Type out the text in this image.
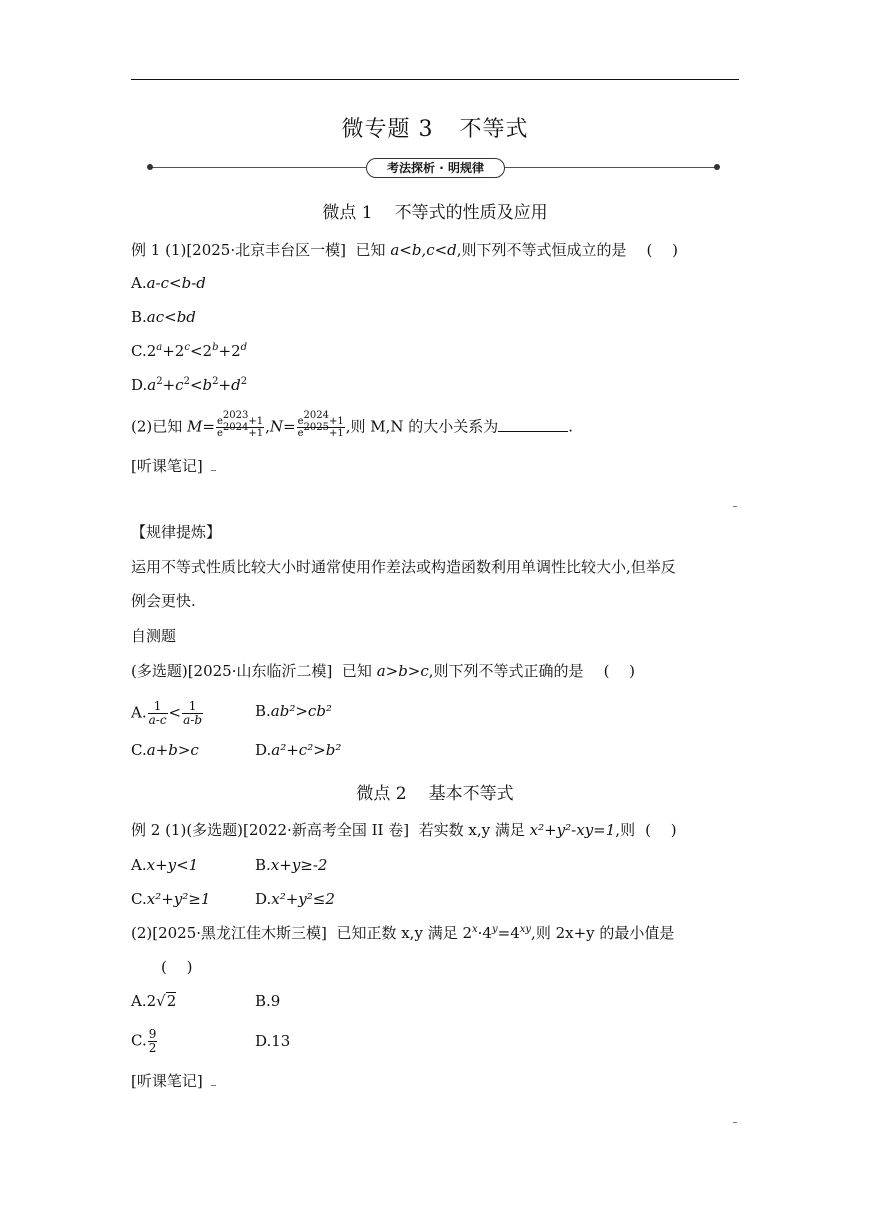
微专题 3 不等式
考法探析 · 明规律
微点 1 不等式的性质及应用
例 1 (1)[2025·北京丰台区一模] 已知 a<b,c<d,则下列不等式恒成立的是 (　 )
A.a-c<b-d
B.ac<bd
$C.2^a+2^c<2^b+2^d$
$D.a^2+c^2<b^2+d^2$
(2)已知 $M= \frac{e^{2023}+1}{e^{2024}+1} ,N= \frac{e^{2024}+1}{e^{2025}+1}$ ,则 M,N 的大小关系为	.
[听课笔记]
【规律提炼】
运用不等式性质比较大小时通常使用作差法或构造函数利用单调性比较大小,但举反
例会更快.
自测题
(多选题)[2025·山东临沂二模] 已知 a>b>c,则下列不等式正确的是 (　 )
A. $\frac{1}{a-c} < \frac{1}{a-b}$	B.ab²>cb²
C.a+b>c	D.a²+c²>b²
微点 2 基本不等式
例 2 (1)(多选题)[2022·新高考全国 II 卷] 若实数 x,y 满足 x²+y²-xy=1,则 (　 )
A.x+y<1	B.x+y≥-2
C.x²+y²≥1	D.x²+y²≤2
(2)[2025·黑龙江佳木斯三模] 已知正数 x,y 满足 $2^x\cdot 4^y=4^{xy}$,则 2x+y 的最小值是
(　 )
A.2√2	B.9
C. $\frac{9}{2}$	D.13
[听课笔记]
